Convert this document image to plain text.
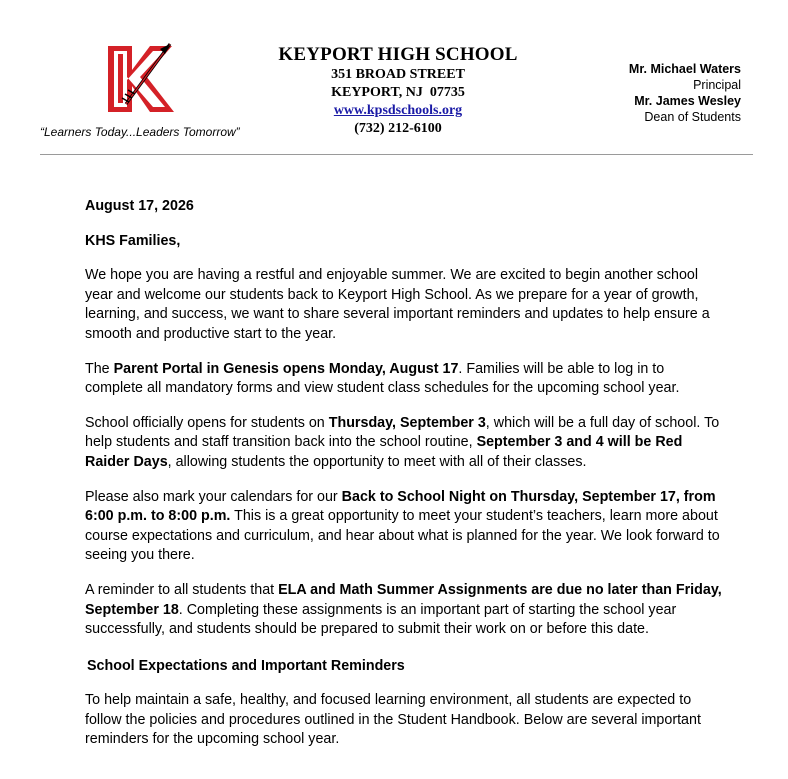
“Learners Today...Leaders Tomorrow”
KEYPORT HIGH SCHOOL
351 BROAD STREET
KEYPORT, NJ  07735
www.kpsdschools.org
(732) 212-6100
Mr. Michael Waters
Principal
Mr. James Wesley
Dean of Students

August 17, 2026

KHS Families,

We hope you are having a restful and enjoyable summer. We are excited to begin another school year and welcome our students back to Keyport High School. As we prepare for a year of growth, learning, and success, we want to share several important reminders and updates to help ensure a smooth and productive start to the year.

The Parent Portal in Genesis opens Monday, August 17. Families will be able to log in to complete all mandatory forms and view student class schedules for the upcoming school year.

School officially opens for students on Thursday, September 3, which will be a full day of school. To help students and staff transition back into the school routine, September 3 and 4 will be Red Raider Days, allowing students the opportunity to meet with all of their classes.

Please also mark your calendars for our Back to School Night on Thursday, September 17, from 6:00 p.m. to 8:00 p.m. This is a great opportunity to meet your student’s teachers, learn more about course expectations and curriculum, and hear about what is planned for the year. We look forward to seeing you there.

A reminder to all students that ELA and Math Summer Assignments are due no later than Friday, September 18. Completing these assignments is an important part of starting the school year successfully, and students should be prepared to submit their work on or before this date.

School Expectations and Important Reminders

To help maintain a safe, healthy, and focused learning environment, all students are expected to follow the policies and procedures outlined in the Student Handbook. Below are several important reminders for the upcoming school year.
